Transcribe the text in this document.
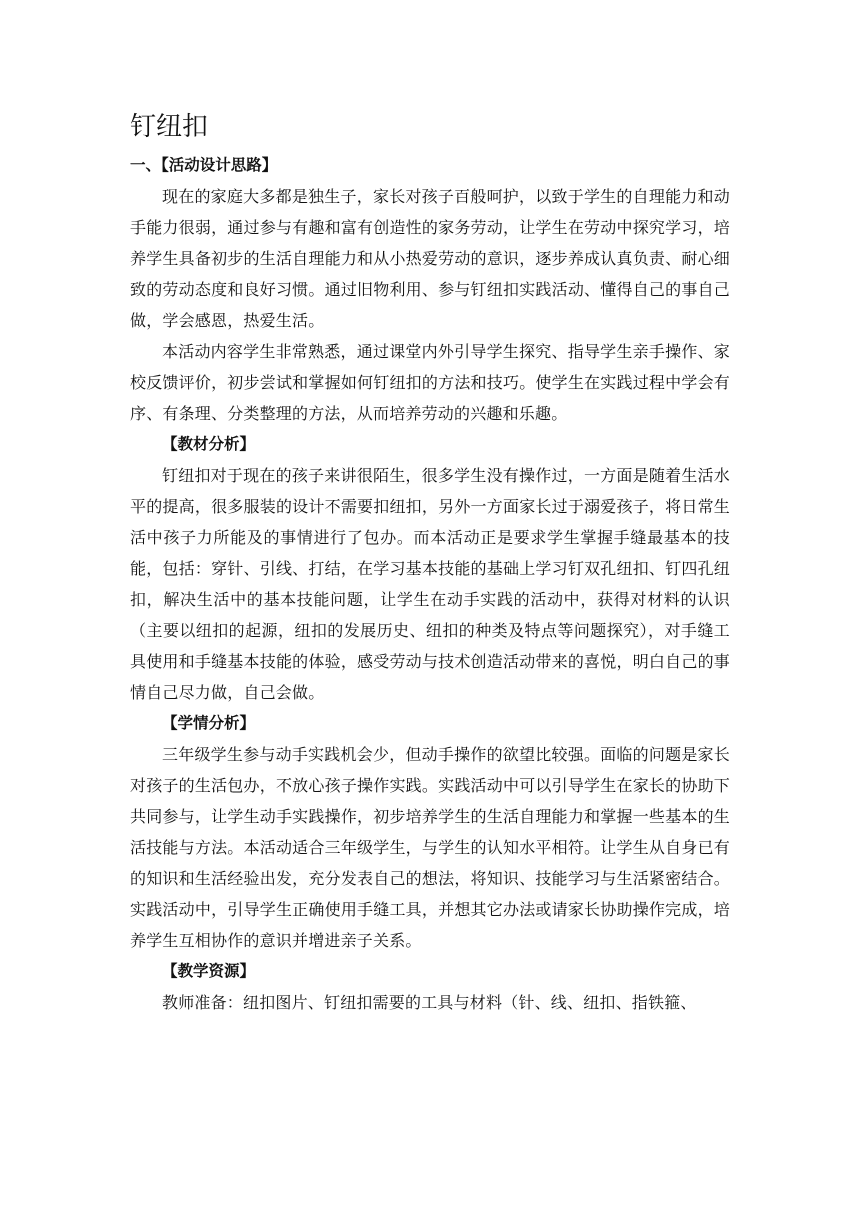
钉纽扣

一、【活动设计思路】

现在的家庭大多都是独生子，家长对孩子百般呵护，以致于学生的自理能力和动手能力很弱，通过参与有趣和富有创造性的家务劳动，让学生在劳动中探究学习，培养学生具备初步的生活自理能力和从小热爱劳动的意识，逐步养成认真负责、耐心细致的劳动态度和良好习惯。通过旧物利用、参与钉纽扣实践活动、懂得自己的事自己做，学会感恩，热爱生活。

本活动内容学生非常熟悉，通过课堂内外引导学生探究、指导学生亲手操作、家校反馈评价，初步尝试和掌握如何钉纽扣的方法和技巧。使学生在实践过程中学会有序、有条理、分类整理的方法，从而培养劳动的兴趣和乐趣。

【教材分析】

钉纽扣对于现在的孩子来讲很陌生，很多学生没有操作过，一方面是随着生活水平的提高，很多服装的设计不需要扣纽扣，另外一方面家长过于溺爱孩子，将日常生活中孩子力所能及的事情进行了包办。而本活动正是要求学生掌握手缝最基本的技能，包括：穿针、引线、打结，在学习基本技能的基础上学习钉双孔纽扣、钉四孔纽扣，解决生活中的基本技能问题，让学生在动手实践的活动中，获得对材料的认识（主要以纽扣的起源，纽扣的发展历史、纽扣的种类及特点等问题探究），对手缝工具使用和手缝基本技能的体验，感受劳动与技术创造活动带来的喜悦，明白自己的事情自己尽力做，自己会做。

【学情分析】

三年级学生参与动手实践机会少，但动手操作的欲望比较强。面临的问题是家长对孩子的生活包办，不放心孩子操作实践。实践活动中可以引导学生在家长的协助下共同参与，让学生动手实践操作，初步培养学生的生活自理能力和掌握一些基本的生活技能与方法。本活动适合三年级学生，与学生的认知水平相符。让学生从自身已有的知识和生活经验出发，充分发表自己的想法，将知识、技能学习与生活紧密结合。实践活动中，引导学生正确使用手缝工具，并想其它办法或请家长协助操作完成，培养学生互相协作的意识并增进亲子关系。

【教学资源】

教师准备：纽扣图片、钉纽扣需要的工具与材料（针、线、纽扣、指铁箍、
